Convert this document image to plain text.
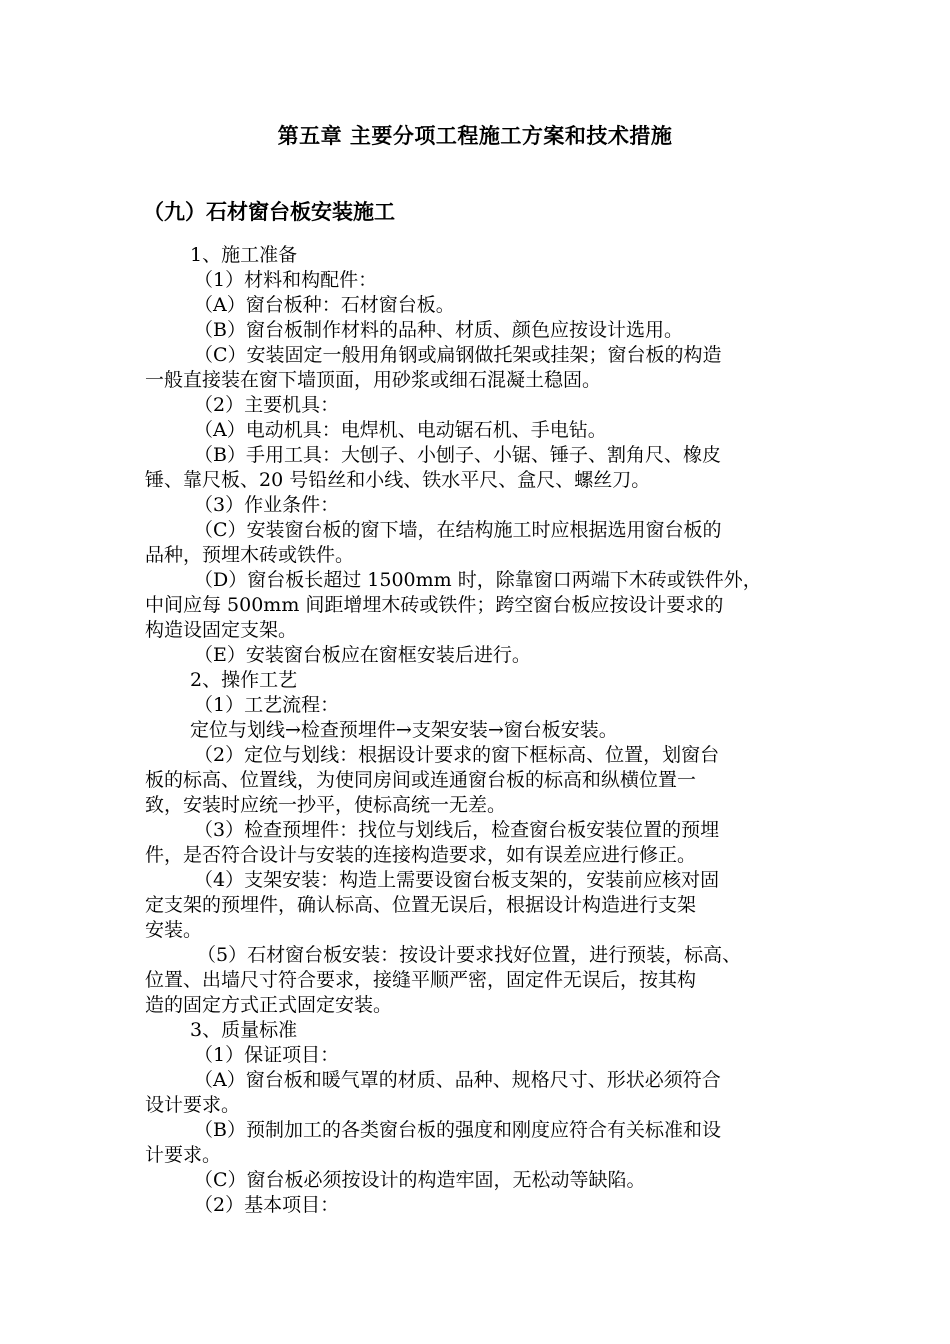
第五章 主要分项工程施工方案和技术措施
（九）石材窗台板安装施工

1、施工准备

（1）材料和构配件：

（A）窗台板种：石材窗台板。

（B）窗台板制作材料的品种、材质、颜色应按设计选用。

（C）安装固定一般用角钢或扁钢做托架或挂架；窗台板的构造

一般直接装在窗下墙顶面，用砂浆或细石混凝土稳固。

（2）主要机具：

（A）电动机具：电焊机、电动锯石机、手电钻。

（B）手用工具：大刨子、小刨子、小锯、锤子、割角尺、橡皮

锤、靠尺板、20 号铅丝和小线、铁水平尺、盒尺、螺丝刀。

（3）作业条件：

（C）安装窗台板的窗下墙，在结构施工时应根据选用窗台板的

品种，预埋木砖或铁件。

（D）窗台板长超过 1500mm 时，除靠窗口两端下木砖或铁件外，

中间应每 500mm 间距增埋木砖或铁件；跨空窗台板应按设计要求的

构造设固定支架。

（E）安装窗台板应在窗框安装后进行。

2、操作工艺

（1）工艺流程：

定位与划线→检查预埋件→支架安装→窗台板安装。

（2）定位与划线：根据设计要求的窗下框标高、位置，划窗台

板的标高、位置线，为使同房间或连通窗台板的标高和纵横位置一

致，安装时应统一抄平，使标高统一无差。

（3）检查预埋件：找位与划线后，检查窗台板安装位置的预埋

件，是否符合设计与安装的连接构造要求，如有误差应进行修正。

（4）支架安装：构造上需要设窗台板支架的，安装前应核对固

定支架的预埋件，确认标高、位置无误后，根据设计构造进行支架

安装。

（5）石材窗台板安装：按设计要求找好位置，进行预装，标高、

位置、出墙尺寸符合要求，接缝平顺严密，固定件无误后，按其构

造的固定方式正式固定安装。

3、质量标准

（1）保证项目：

（A）窗台板和暖气罩的材质、品种、规格尺寸、形状必须符合

设计要求。

（B）预制加工的各类窗台板的强度和刚度应符合有关标准和设

计要求。

（C）窗台板必须按设计的构造牢固，无松动等缺陷。

（2）基本项目：
